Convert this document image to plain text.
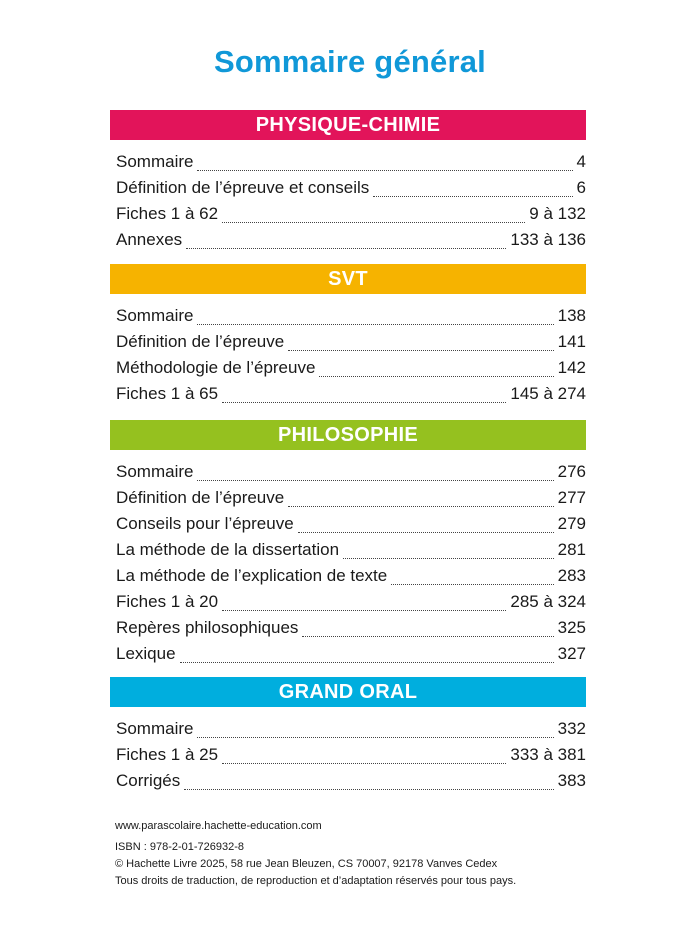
Sommaire général
PHYSIQUE-CHIMIE
Sommaire	4
Définition de l’épreuve et conseils	6
Fiches 1 à 62	9 à 132
Annexes	133 à 136
SVT
Sommaire	138
Définition de l’épreuve	141
Méthodologie de l’épreuve	142
Fiches 1 à 65	145 à 274
PHILOSOPHIE
Sommaire	276
Définition de l’épreuve	277
Conseils pour l’épreuve	279
La méthode de la dissertation	281
La méthode de l’explication de texte	283
Fiches 1 à 20	285 à 324
Repères philosophiques	325
Lexique	327
GRAND ORAL
Sommaire	332
Fiches 1 à 25	333 à 381
Corrigés	383
www.parascolaire.hachette-education.com
ISBN : 978-2-01-726932-8
© Hachette Livre 2025, 58 rue Jean Bleuzen, CS 70007, 92178 Vanves Cedex
Tous droits de traduction, de reproduction et d’adaptation réservés pour tous pays.
